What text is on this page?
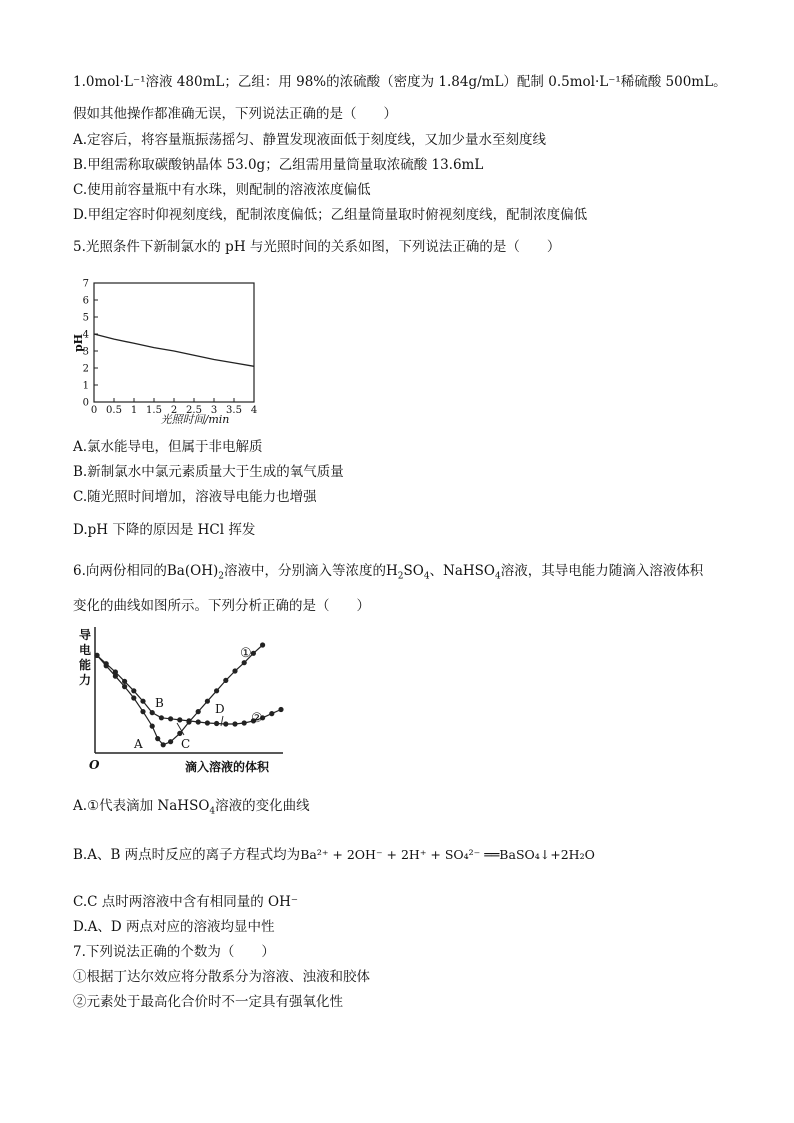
1.0mol·L⁻¹溶液 480mL；乙组：用 98%的浓硫酸（密度为 1.84g/mL）配制 0.5mol·L⁻¹稀硫酸 500mL。
假如其他操作都准确无误，下列说法正确的是（　　）
A.定容后，将容量瓶振荡摇匀、静置发现液面低于刻度线，又加少量水至刻度线
B.甲组需称取碳酸钠晶体 53.0g；乙组需用量筒量取浓硫酸 13.6mL
C.使用前容量瓶中有水珠，则配制的溶液浓度偏低
D.甲组定容时仰视刻度线，配制浓度偏低；乙组量筒量取时俯视刻度线，配制浓度偏低
5.光照条件下新制氯水的 pH 与光照时间的关系如图，下列说法正确的是（　　）
0
1
2
3
4
5
6
7
0 0.5 1 1.5 2 2.5 3 3.5 4
pH
光照时间/min
A.氯水能导电，但属于非电解质
B.新制氯水中氯元素质量大于生成的氧气质量
C.随光照时间增加，溶液导电能力也增强
D.pH 下降的原因是 HCl 挥发
6.向两份相同的$Ba(OH)_2$溶液中，分别滴入等浓度的$H_2SO_4$、NaHSO$_4$溶液，其导电能力随滴入溶液体积
变化的曲线如图所示。下列分析正确的是（　　）
导电能力
O	滴入溶液的体积
A
B
C
D
①
②
A.①代表滴加 NaHSO$_4$溶液的变化曲线
B.A、B 两点时反应的离子方程式均为Ba²⁺ + 2OH⁻ + 2H⁺ + SO₄²⁻ ══BaSO₄↓+2H₂O
C.C 点时两溶液中含有相同量的 OH⁻
D.A、D 两点对应的溶液均显中性
7.下列说法正确的个数为（　　）
①根据丁达尔效应将分散系分为溶液、浊液和胶体
②元素处于最高化合价时不一定具有强氧化性
